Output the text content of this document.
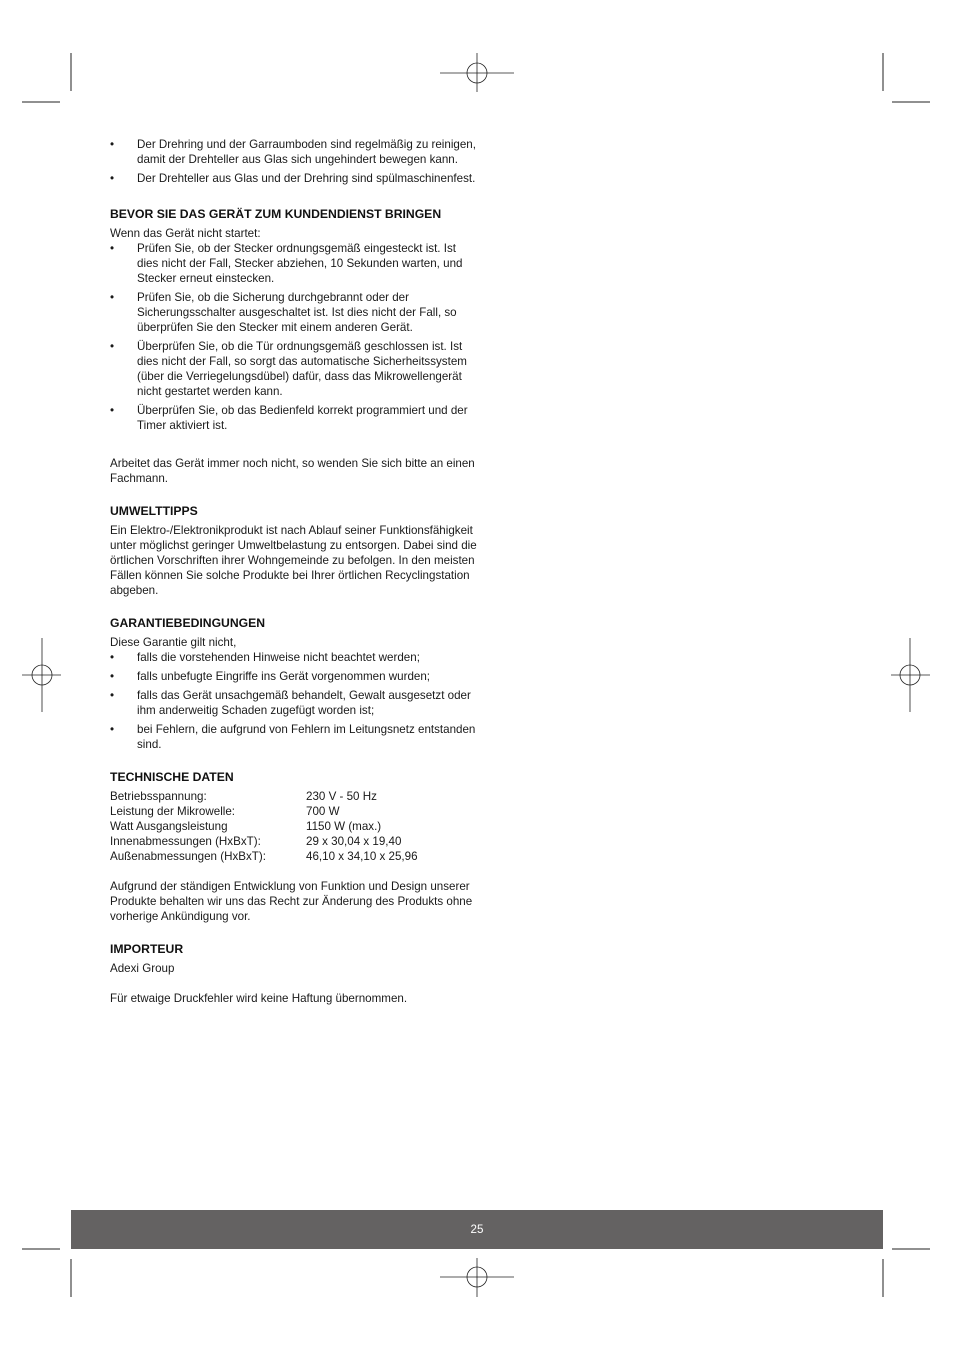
• Der Drehring und der Garraumboden sind regelmäßig zu reinigen, damit der Drehteller aus Glas sich ungehindert bewegen kann.
• Der Drehteller aus Glas und der Drehring sind spülmaschinenfest.
BEVOR SIE DAS GERÄT ZUM KUNDENDIENST BRINGEN

Wenn das Gerät nicht startet:

• Prüfen Sie, ob der Stecker ordnungsgemäß eingesteckt ist. Ist dies nicht der Fall, Stecker abziehen, 10 Sekunden warten, und Stecker erneut einstecken.
• Prüfen Sie, ob die Sicherung durchgebrannt oder der Sicherungsschalter ausgeschaltet ist. Ist dies nicht der Fall, so überprüfen Sie den Stecker mit einem anderen Gerät.
• Überprüfen Sie, ob die Tür ordnungsgemäß geschlossen ist. Ist dies nicht der Fall, so sorgt das automatische Sicherheitssystem (über die Verriegelungsdübel) dafür, dass das Mikrowellengerät nicht gestartet werden kann.
• Überprüfen Sie, ob das Bedienfeld korrekt programmiert und der Timer aktiviert ist.

Arbeitet das Gerät immer noch nicht, so wenden Sie sich bitte an einen Fachmann.

UMWELTTIPPS

Ein Elektro-/Elektronikprodukt ist nach Ablauf seiner Funktionsfähigkeit unter möglichst geringer Umweltbelastung zu entsorgen. Dabei sind die örtlichen Vorschriften ihrer Wohngemeinde zu befolgen. In den meisten Fällen können Sie solche Produkte bei Ihrer örtlichen Recyclingstation abgeben.

GARANTIEBEDINGUNGEN

Diese Garantie gilt nicht,

• falls die vorstehenden Hinweise nicht beachtet werden;
• falls unbefugte Eingriffe ins Gerät vorgenommen wurden;
• falls das Gerät unsachgemäß behandelt, Gewalt ausgesetzt oder ihm anderweitig Schaden zugefügt worden ist;
• bei Fehlern, die aufgrund von Fehlern im Leitungsnetz entstanden sind.
TECHNISCHE DATEN
Betriebsspannung:	230 V - 50 Hz
Leistung der Mikrowelle:	700 W
Watt Ausgangsleistung	1150 W (max.)
Innenabmessungen (HxBxT):	29 x 30,04 x 19,40
Außenabmessungen (HxBxT):	46,10 x 34,10 x 25,96

Aufgrund der ständigen Entwicklung von Funktion und Design unserer Produkte behalten wir uns das Recht zur Änderung des Produkts ohne vorherige Ankündigung vor.

IMPORTEUR

Adexi Group

Für etwaige Druckfehler wird keine Haftung übernommen.

25
